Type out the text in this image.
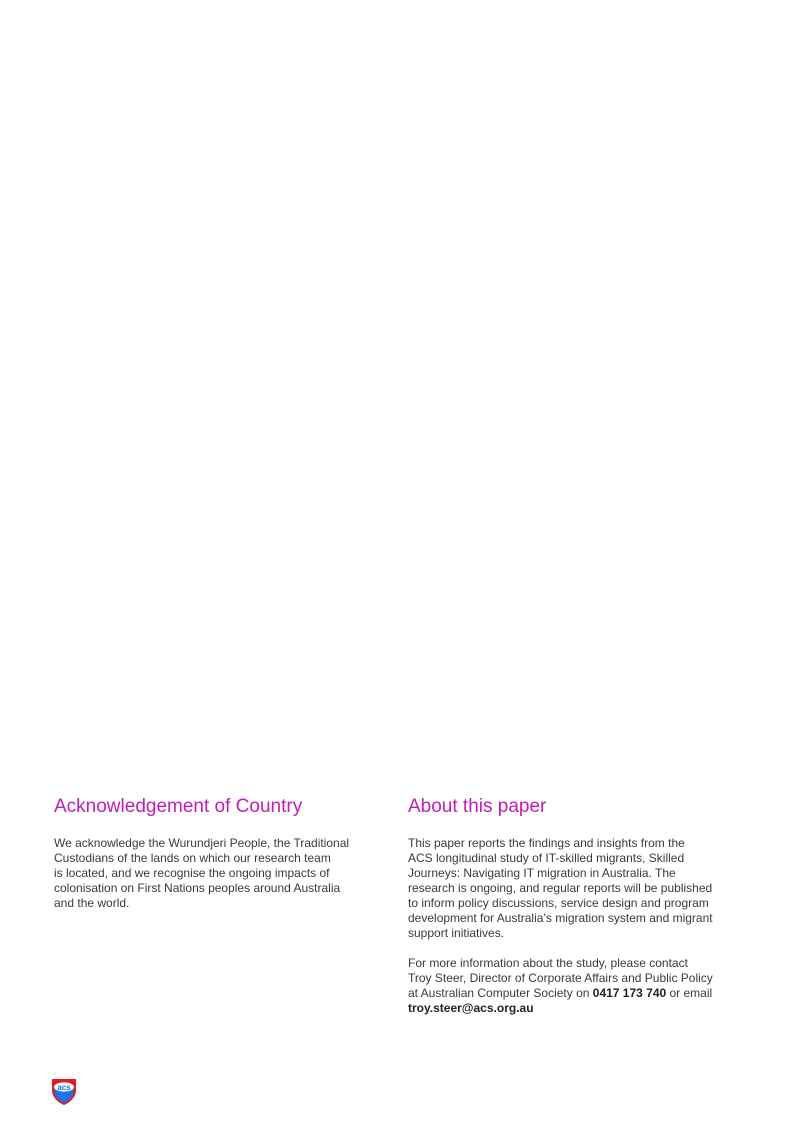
Acknowledgement of Country

We acknowledge the Wurundjeri People, the Traditional
Custodians of the lands on which our research team
is located, and we recognise the ongoing impacts of
colonisation on First Nations peoples around Australia
and the world.

About this paper

This paper reports the findings and insights from the
ACS longitudinal study of IT-skilled migrants, Skilled
Journeys: Navigating IT migration in Australia. The
research is ongoing, and regular reports will be published
to inform policy discussions, service design and program
development for Australia’s migration system and migrant
support initiatives.

For more information about the study, please contact
Troy Steer, Director of Corporate Affairs and Public Policy
at Australian Computer Society on 0417 173 740 or email
troy.steer@acs.org.au

acs
